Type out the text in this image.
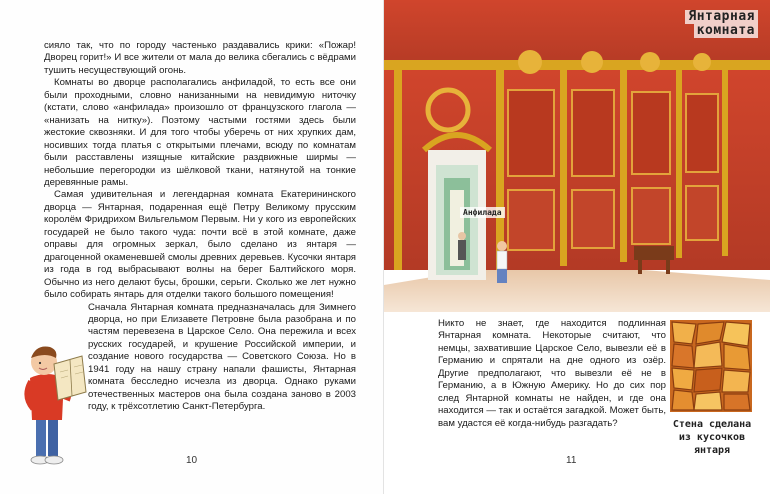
сияло так, что по городу частенько раздавались крики: «Пожар! Дворец горит!» И все жители от мала до велика сбегались с вёдрами тушить несуществующий огонь.

Комнаты во дворце располагались анфиладой, то есть все они были проходными, словно нанизанными на невидимую ниточку (кстати, слово «анфилада» произошло от французского глагола — «нанизать на нитку»). Поэтому частыми гостями здесь были жестокие сквозняки. И для того чтобы уберечь от них хрупких дам, носивших тогда платья с открытыми плечами, всюду по комнатам были расставлены изящные китайские раздвижные ширмы — небольшие перегородки из шёлковой ткани, натянутой на тонкие деревянные рамы.

Самая удивительная и легендарная комната Екатерининского дворца — Янтарная, подаренная ещё Петру Великому прусским королём Фридрихом Вильгельмом Первым. Ни у кого из европейских государей не было такого чуда: почти всё в этой комнате, даже оправы для огромных зеркал, было сделано из янтаря — драгоценной окаменевшей смолы древних деревьев. Кусочки янтаря из года в год выбрасывают волны на берег Балтийского моря. Обычно из него делают бусы, брошки, серьги. Сколько же лет нужно было собирать янтарь для отделки такого большого помещения!

Сначала Янтарная комната предназначалась для Зимнего дворца, но при Елизавете Петровне была разобрана и по частям перевезена в Царское Село. Она пережила и всех русских государей, и крушение Российской империи, и создание нового государства — Советского Союза. Но в 1941 году на нашу страну напали фашисты, Янтарная комната бесследно исчезла из дворца. Однако руками отечественных мастеров она была создана заново в 2003 году, к трёхсотлетию Санкт-Петербурга.

10
Янтарная
комната
Анфилада

Никто не знает, где находится подлинная Янтарная комната. Некоторые считают, что немцы, захватившие Царское Село, вывезли её в Германию и спрятали на дне одного из озёр. Другие предполагают, что вывезли её не в Германию, а в Южную Америку. Но до сих пор след Янтарной комнаты не найден, и где она находится — так и остаётся загадкой. Может быть, вам удастся её когда-нибудь разгадать?	Стена сделана из кусочков янтаря
11
